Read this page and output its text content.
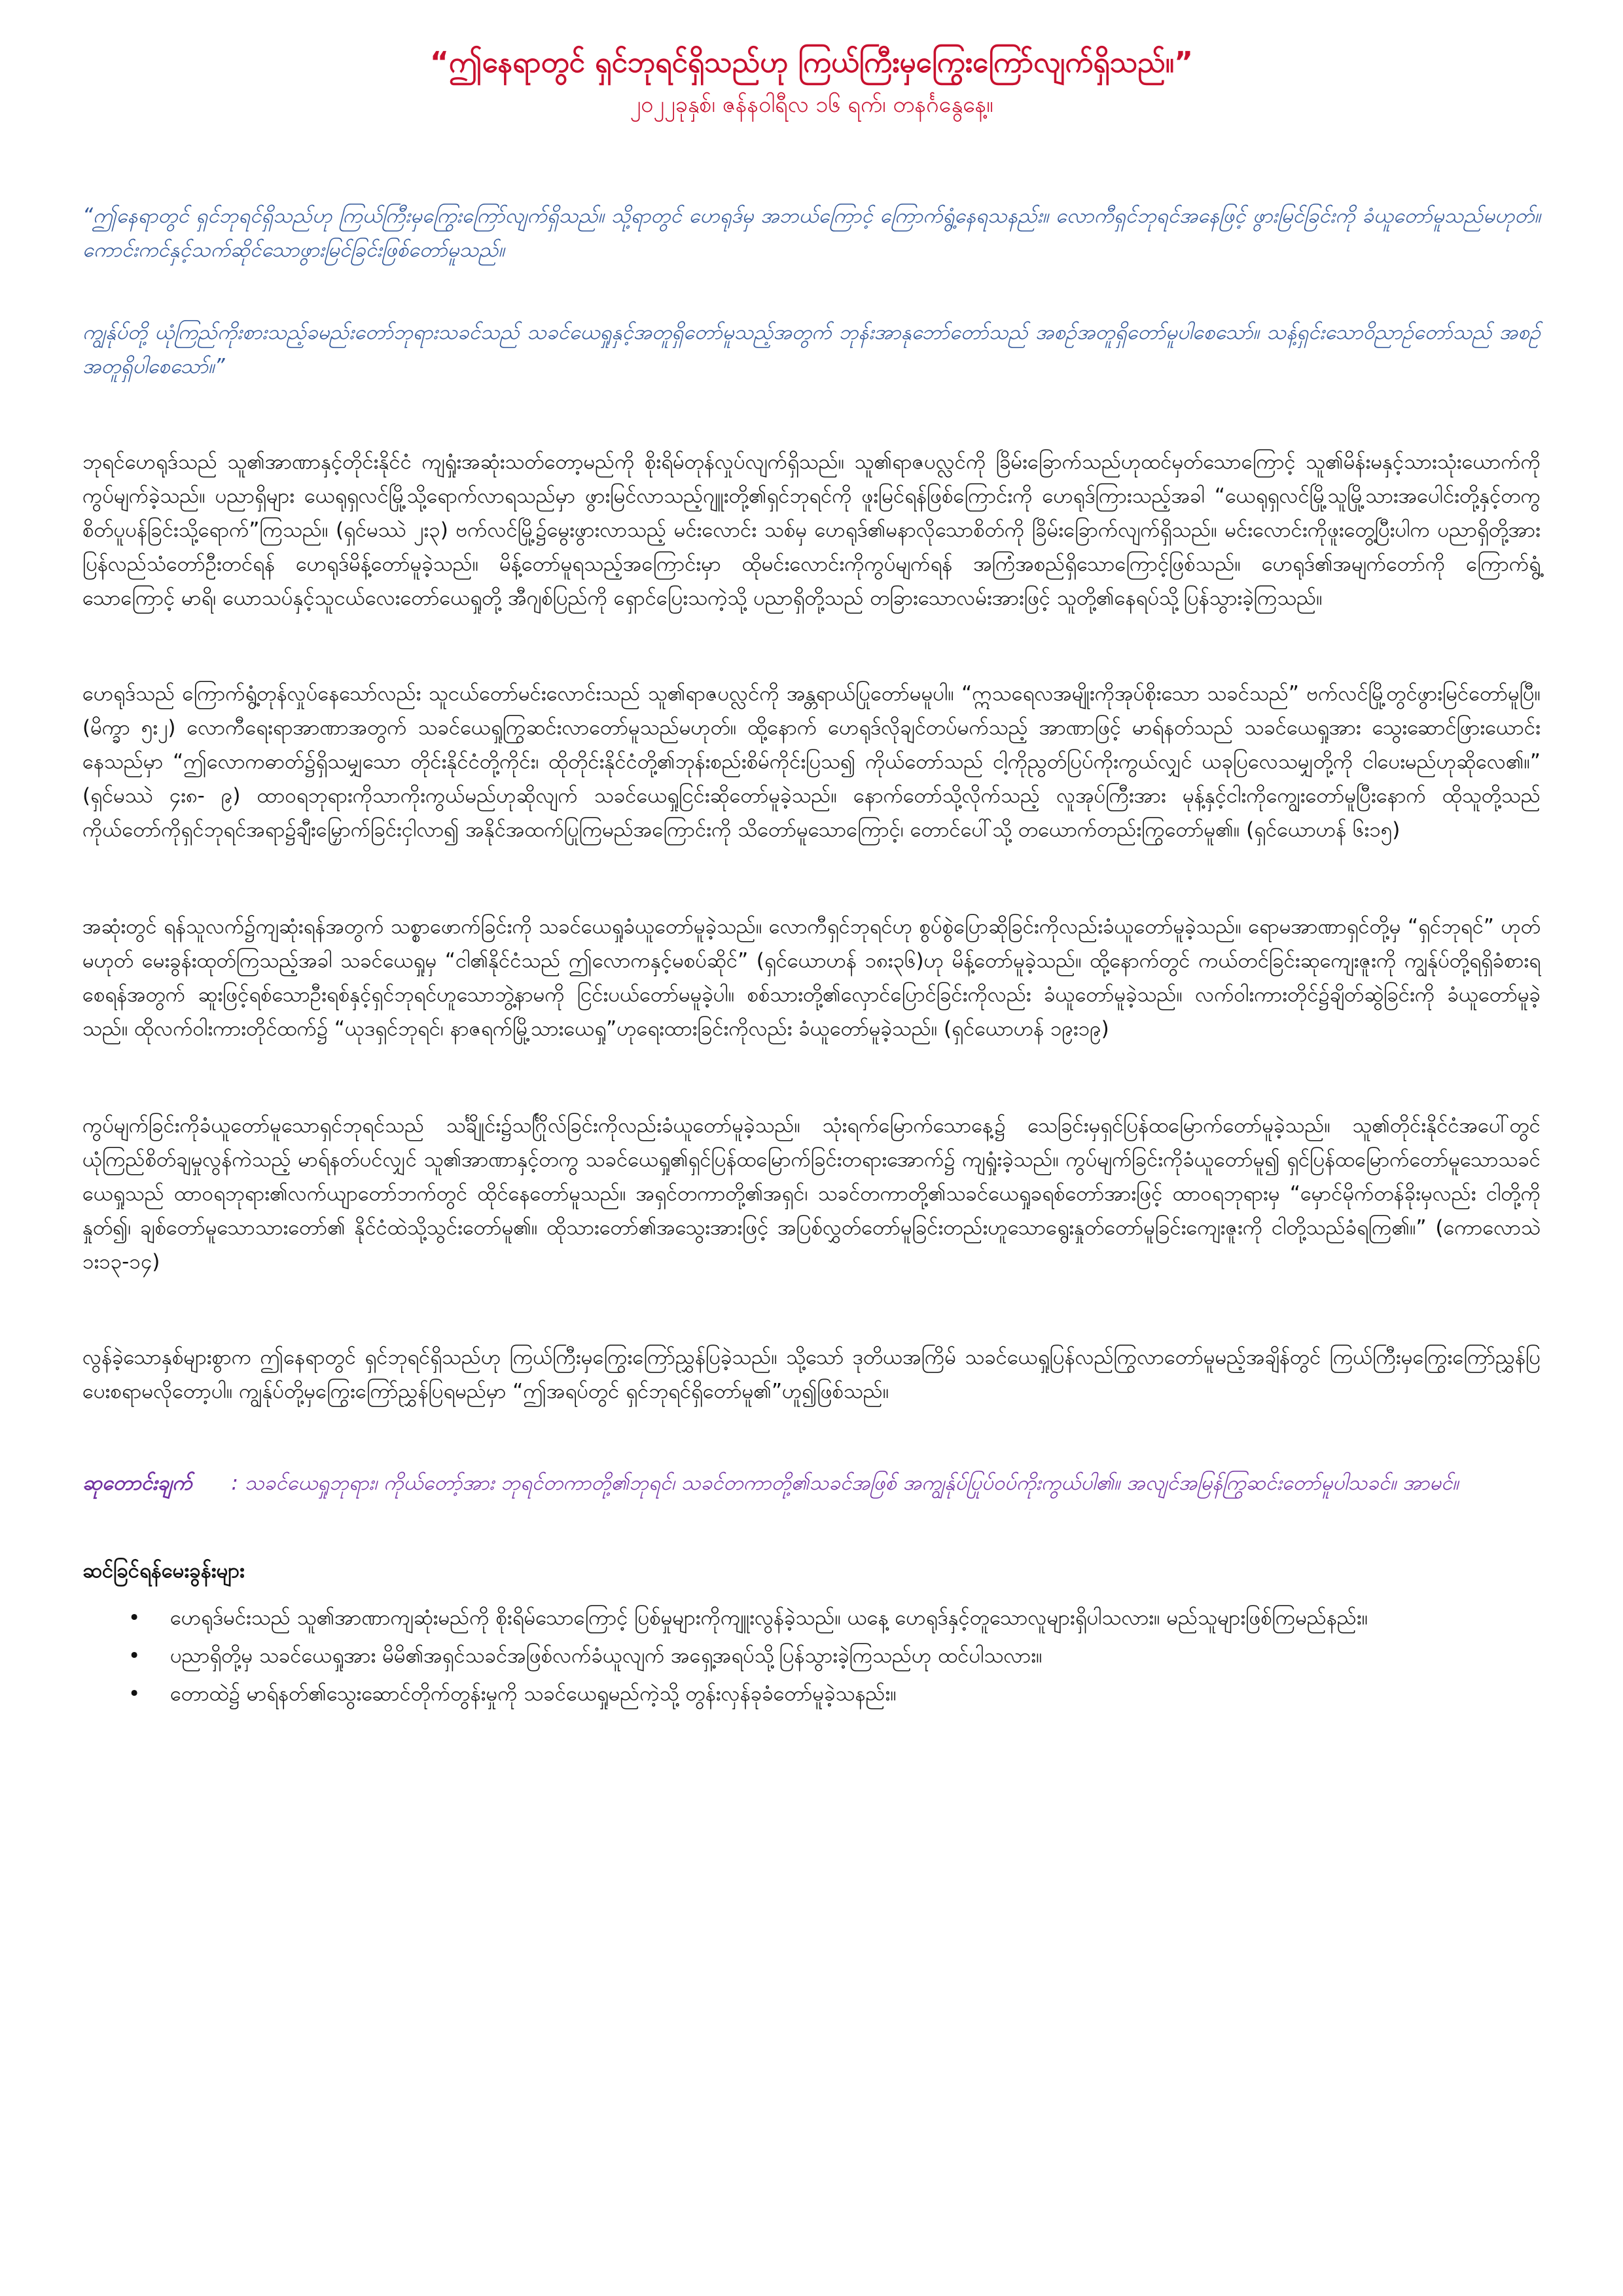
“ဤနေရာတွင် ရှင်ဘုရင်ရှိသည်ဟု ကြယ်ကြီးမှကြွေးကြော်လျက်ရှိသည်။”

၂၀၂၂ခုနှစ်၊ ဇန်နဝါရီလ ၁၆ ရက်၊ တနင်္ဂနွေနေ့။

“ဤနေရာတွင် ရှင်ဘုရင်ရှိသည်ဟု ကြယ်ကြီးမှကြွေးကြော်လျက်ရှိသည်။ သို့ရာတွင် ဟေရုဒ်မှ အဘယ်ကြောင့် ကြောက်ရွံ့နေရသနည်း။ လောကီရှင်ဘုရင်အနေဖြင့် ဖွားမြင်ခြင်းကို ခံယူတော်မူသည်မဟုတ်။ ကောင်းကင်နှင့်သက်ဆိုင်သောဖွားမြင်ခြင်းဖြစ်တော်မူသည်။

ကျွန်ုပ်တို့ ယုံကြည်ကိုးစားသည့်ခမည်းတော်ဘုရားသခင်သည် သခင်ယေရှုနှင့်အတူရှိတော်မူသည့်အတွက် ဘုန်းအာနုဘော်တော်သည် အစဉ်အတူရှိတော်မူပါစေသော်။ သန့်ရှင်းသောဝိညာဉ်တော်သည် အစဉ်အတူရှိပါစေသော်။”

ဘုရင်ဟေရုဒ်သည် သူ၏အာဏာနှင့်တိုင်းနိုင်ငံ ကျရှုံးအဆုံးသတ်တော့မည်ကို စိုးရိမ်တုန်လှုပ်လျက်ရှိသည်။ သူ၏ရာဇပလ္လင်ကို ခြိမ်းခြောက်သည်ဟုထင်မှတ်သောကြောင့် သူ၏မိန်းမနှင့်သားသုံးယောက်ကို ကွပ်မျက်ခဲ့သည်။ ပညာရှိများ ယေရုရှလင်မြို့သို့ရောက်လာရသည်မှာ ဖွားမြင်လာသည့်ဂျူးတို့၏ရှင်ဘုရင်ကို ဖူးမြင်ရန်ဖြစ်ကြောင်းကို ဟေရုဒ်ကြားသည့်အခါ “ယေရုရှလင်မြို့သူမြို့သားအပေါင်းတို့နှင့်တကွ စိတ်ပူပန်ခြင်းသို့ရောက်”ကြသည်။ (ရှင်မဿဲ ၂း၃) ဗက်လင်မြို့၌မွေးဖွားလာသည့် မင်းလောင်း သစ်မှ ဟေရုဒ်၏မနာလိုသောစိတ်ကို ခြိမ်းခြောက်လျက်ရှိသည်။ မင်းလောင်းကိုဖူးတွေ့ပြီးပါက ပညာရှိတို့အား ပြန်လည်သံတော်ဦးတင်ရန် ဟေရုဒ်မိန့်တော်မူခဲ့သည်။ မိန့်တော်မူရသည့်အကြောင်းမှာ ထိုမင်းလောင်းကိုကွပ်မျက်ရန် အကြံအစည်ရှိသောကြောင့်ဖြစ်သည်။ ဟေရုဒ်၏အမျက်တော်ကို ကြောက်ရွံ့သောကြောင့် မာရိ၊ ယောသပ်နှင့်သူငယ်လေးတော်ယေရှုတို့ အီဂျစ်ပြည်ကို ရှောင်ပြေးသကဲ့သို့ ပညာရှိတို့သည် တခြားသောလမ်းအားဖြင့် သူတို့၏နေရပ်သို့ပြန်သွားခဲ့ကြသည်။

ဟေရုဒ်သည် ကြောက်ရွံ့တုန်လှုပ်နေသော်လည်း သူငယ်တော်မင်းလောင်းသည် သူ၏ရာဇပလ္လင်ကို အန္တရာယ်ပြုတော်မမူပါ။ “ဣသရေလအမျိုးကိုအုပ်စိုးသော သခင်သည်” ဗက်လင်မြို့တွင်ဖွားမြင်တော်မူပြီ။ (မိက္ခာ ၅း၂) လောကီရေးရာအာဏာအတွက် သခင်ယေရှုကြွဆင်းလာတော်မူသည်မဟုတ်။ ထို့နောက် ဟေရုဒ်လိုချင်တပ်မက်သည့် အာဏာဖြင့် မာရ်နတ်သည် သခင်ယေရှုအား သွေးဆောင်ဖြားယောင်းနေသည်မှာ “ဤလောကဓာတ်၌ရှိသမျှသော တိုင်းနိုင်ငံတို့ကိုင်း၊ ထိုတိုင်းနိုင်ငံတို့၏ဘုန်းစည်းစိမ်ကိုင်းပြသ၍ ကိုယ်တော်သည် ငါ့ကိုညွတ်ပြပ်ကိုးကွယ်လျှင် ယခုပြလေသမျှတို့ကို ငါပေးမည်ဟုဆိုလေ၏။” (ရှင်မဿဲ ၄း၈- ၉) ထာဝရဘုရားကိုသာကိုးကွယ်မည်ဟုဆိုလျက် သခင်ယေရှုငြင်းဆိုတော်မူခဲ့သည်။ နောက်တော်သို့လိုက်သည့် လူအုပ်ကြီးအား မုန့်နှင့်ငါးကိုကျွေးတော်မူပြီးနောက် ထိုသူတို့သည် ကိုယ်တော်ကိုရှင်ဘုရင်အရာ၌ချီးမြှောက်ခြင်းငှါလာ၍ အနိုင်အထက်ပြုကြမည်အကြောင်းကို သိတော်မူသောကြောင့်၊ တောင်ပေါ်သို့ တယောက်တည်းကြွတော်မူ၏။ (ရှင်ယောဟန် ၆း၁၅)

အဆုံးတွင် ရန်သူလက်၌ကျဆုံးရန်အတွက် သစ္စာဖောက်ခြင်းကို သခင်ယေရှုခံယူတော်မူခဲ့သည်။ လောကီရှင်ဘုရင်ဟု စွပ်စွဲပြောဆိုခြင်းကိုလည်းခံယူတော်မူခဲ့သည်။ ရောမအာဏာရှင်တို့မှ “ရှင်ဘုရင်” ဟုတ်မဟုတ် မေးခွန်းထုတ်ကြသည့်အခါ သခင်ယေရှုမှ “ငါ၏နိုင်ငံသည် ဤလောကနှင့်မစပ်ဆိုင်” (ရှင်ယောဟန် ၁၈း၃၆)ဟု မိန့်တော်မူခဲ့သည်။ ထို့နောက်တွင် ကယ်တင်ခြင်းဆုကျေးဇူးကို ကျွန်ုပ်တို့ရရှိခံစားရစေရန်အတွက် ဆူးဖြင့်ရစ်သောဦးရစ်နှင့်ရှင်ဘုရင်ဟူသောဘွဲ့နာမကို ငြင်းပယ်တော်မမူခဲ့ပါ။ စစ်သားတို့၏လှောင်ပြောင်ခြင်းကိုလည်း ခံယူတော်မူခဲ့သည်။ လက်ဝါးကားတိုင်၌ချိတ်ဆွဲခြင်းကို ခံယူတော်မူခဲ့သည်။ ထိုလက်ဝါးကားတိုင်ထက်၌ “ယုဒရှင်ဘုရင်၊ နာဇရက်မြို့သားယေရှု”ဟုရေးထားခြင်းကိုလည်း ခံယူတော်မူခဲ့သည်။ (ရှင်ယောဟန် ၁၉း၁၉)

ကွပ်မျက်ခြင်းကိုခံယူတော်မူသောရှင်ဘုရင်သည် သင်္ချိုင်း၌သင်္ဂြိုလ်ခြင်းကိုလည်းခံယူတော်မူခဲ့သည်။ သုံးရက်မြောက်သောနေ့၌ သေခြင်းမှရှင်ပြန်ထမြောက်တော်မူခဲ့သည်။ သူ၏တိုင်းနိုင်ငံအပေါ်တွင် ယုံကြည်စိတ်ချမှုလွန်ကဲသည့် မာရ်နတ်ပင်လျှင် သူ၏အာဏာနှင့်တကွ သခင်ယေရှု၏ရှင်ပြန်ထမြောက်ခြင်းတရားအောက်၌ ကျရှုံးခဲ့သည်။ ကွပ်မျက်ခြင်းကိုခံယူတော်မူ၍ ရှင်ပြန်ထမြောက်တော်မူသောသခင်ယေရှုသည် ထာဝရဘုရား၏လက်ယျာတော်ဘက်တွင် ထိုင်နေတော်မူသည်။ အရှင်တကာတို့၏အရှင်၊ သခင်တကာတို့၏သခင်ယေရှုခရစ်တော်အားဖြင့် ထာဝရဘုရားမှ “မှောင်မိုက်တန်ခိုးမှလည်း ငါတို့ကိုနှုတ်၍၊ ချစ်တော်မူသောသားတော်၏ နိုင်ငံထဲသို့သွင်းတော်မူ၏။ ထိုသားတော်၏အသွေးအားဖြင့် အပြစ်လွှတ်တော်မူခြင်းတည်းဟူသောရွေးနှုတ်တော်မူခြင်းကျေးဇူးကို ငါတို့သည်ခံရကြ၏။” (ကောလောသဲ ၁း၁၃-၁၄)

လွန်ခဲ့သောနှစ်များစွာက ဤနေရာတွင် ရှင်ဘုရင်ရှိသည်ဟု ကြယ်ကြီးမှကြွေးကြော်ညွှန်ပြခဲ့သည်။ သို့သော် ဒုတိယအကြိမ် သခင်ယေရှုပြန်လည်ကြွလာတော်မူမည့်အချိန်တွင် ကြယ်ကြီးမှကြွေးကြော်ညွှန်ပြပေးစရာမလိုတော့ပါ။ ကျွန်ုပ်တို့မှကြွေးကြော်ညွှန်ပြရမည်မှာ “ဤအရပ်တွင် ရှင်ဘုရင်ရှိတော်မူ၏”ဟူ၍ဖြစ်သည်။

ဆုတောင်းချက် : သခင်ယေရှုဘုရား၊ ကိုယ်တော့်အား ဘုရင်တကာတို့၏ဘုရင်၊ သခင်တကာတို့၏သခင်အဖြစ် အကျွန်ုပ်ပြုပ်ဝပ်ကိုးကွယ်ပါ၏။ အလျင်အမြန်ကြွဆင်းတော်မူပါသခင်။ အာမင်။

ဆင်ခြင်ရန်မေးခွန်းများ

• ဟေရုဒ်မင်းသည် သူ၏အာဏာကျဆုံးမည်ကို စိုးရိမ်သောကြောင့် ပြစ်မှုများကိုကျူးလွန်ခဲ့သည်။ ယနေ့ ဟေရုဒ်နှင့်တူသောလူများရှိပါသလား။ မည်သူများဖြစ်ကြမည်နည်း။
• ပညာရှိတို့မှ သခင်ယေရှုအား မိမိ၏အရှင်သခင်အဖြစ်လက်ခံယူလျက် အရှေ့အရပ်သို့ပြန်သွားခဲ့ကြသည်ဟု ထင်ပါသလား။
• တောထဲ၌ မာရ်နတ်၏သွေးဆောင်တိုက်တွန်းမှုကို သခင်ယေရှုမည်ကဲ့သို့ တွန်းလှန်ခုခံတော်မူခဲ့သနည်း။
